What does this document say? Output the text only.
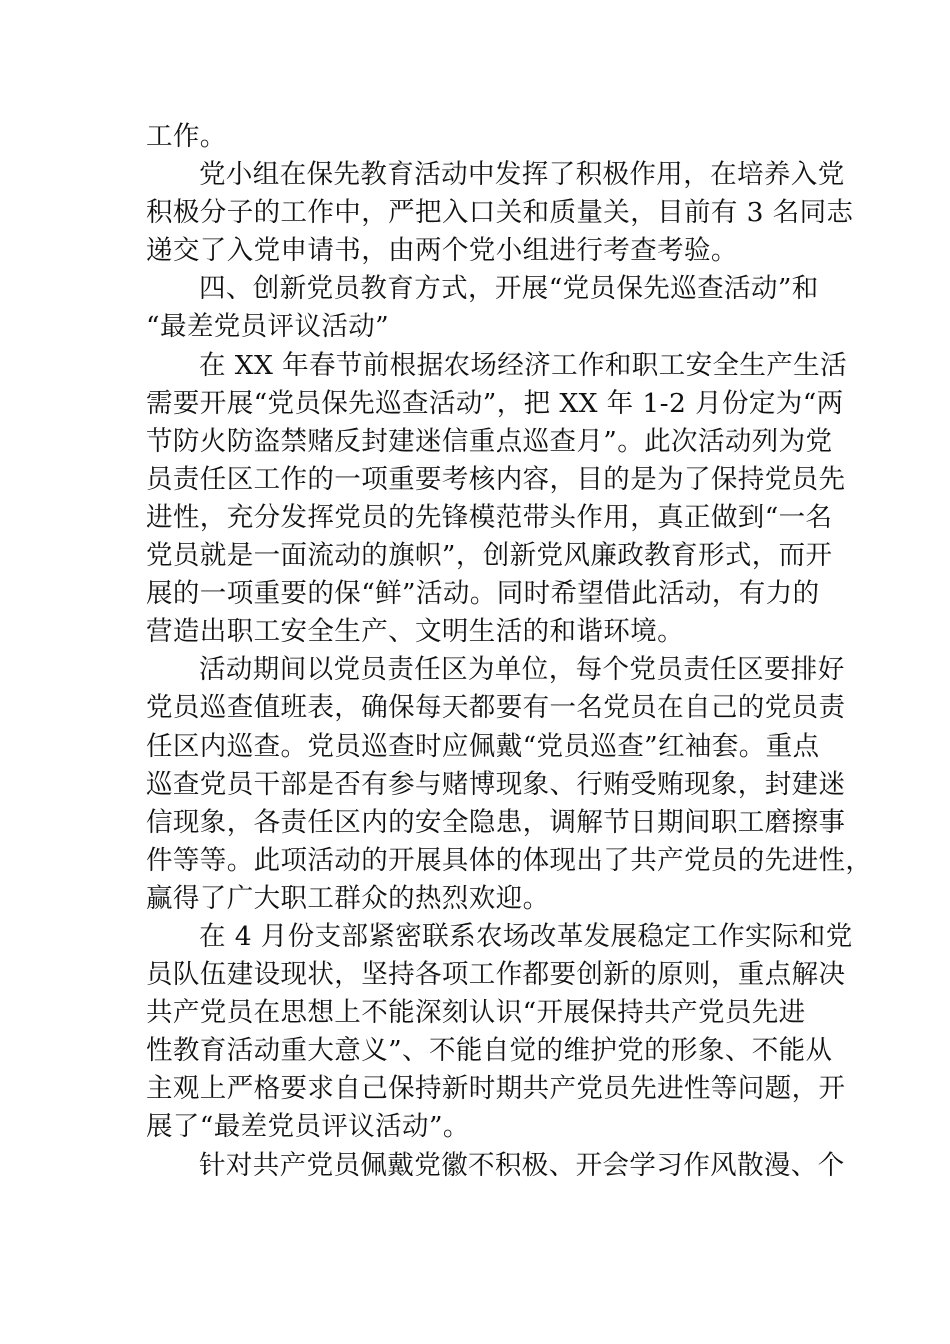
工作。
党小组在保先教育活动中发挥了积极作用，在培养入党
积极分子的工作中，严把入口关和质量关，目前有 3 名同志
递交了入党申请书，由两个党小组进行考查考验。
四、创新党员教育方式，开展“党员保先巡查活动”和
“最差党员评议活动”
在 XX 年春节前根据农场经济工作和职工安全生产生活
需要开展“党员保先巡查活动”，把 XX 年 1-2 月份定为“两
节防火防盗禁赌反封建迷信重点巡查月”。此次活动列为党
员责任区工作的一项重要考核内容，目的是为了保持党员先
进性，充分发挥党员的先锋模范带头作用，真正做到“一名
党员就是一面流动的旗帜”，创新党风廉政教育形式，而开
展的一项重要的保“鲜”活动。同时希望借此活动，有力的
营造出职工安全生产、文明生活的和谐环境。
活动期间以党员责任区为单位，每个党员责任区要排好
党员巡查值班表，确保每天都要有一名党员在自己的党员责
任区内巡查。党员巡查时应佩戴“党员巡查”红袖套。重点
巡查党员干部是否有参与赌博现象、行贿受贿现象，封建迷
信现象，各责任区内的安全隐患，调解节日期间职工磨擦事
件等等。此项活动的开展具体的体现出了共产党员的先进性，
赢得了广大职工群众的热烈欢迎。
在 4 月份支部紧密联系农场改革发展稳定工作实际和党
员队伍建设现状，坚持各项工作都要创新的原则，重点解决
共产党员在思想上不能深刻认识“开展保持共产党员先进
性教育活动重大意义”、不能自觉的维护党的形象、不能从
主观上严格要求自己保持新时期共产党员先进性等问题，开
展了“最差党员评议活动”。
针对共产党员佩戴党徽不积极、开会学习作风散漫、个
